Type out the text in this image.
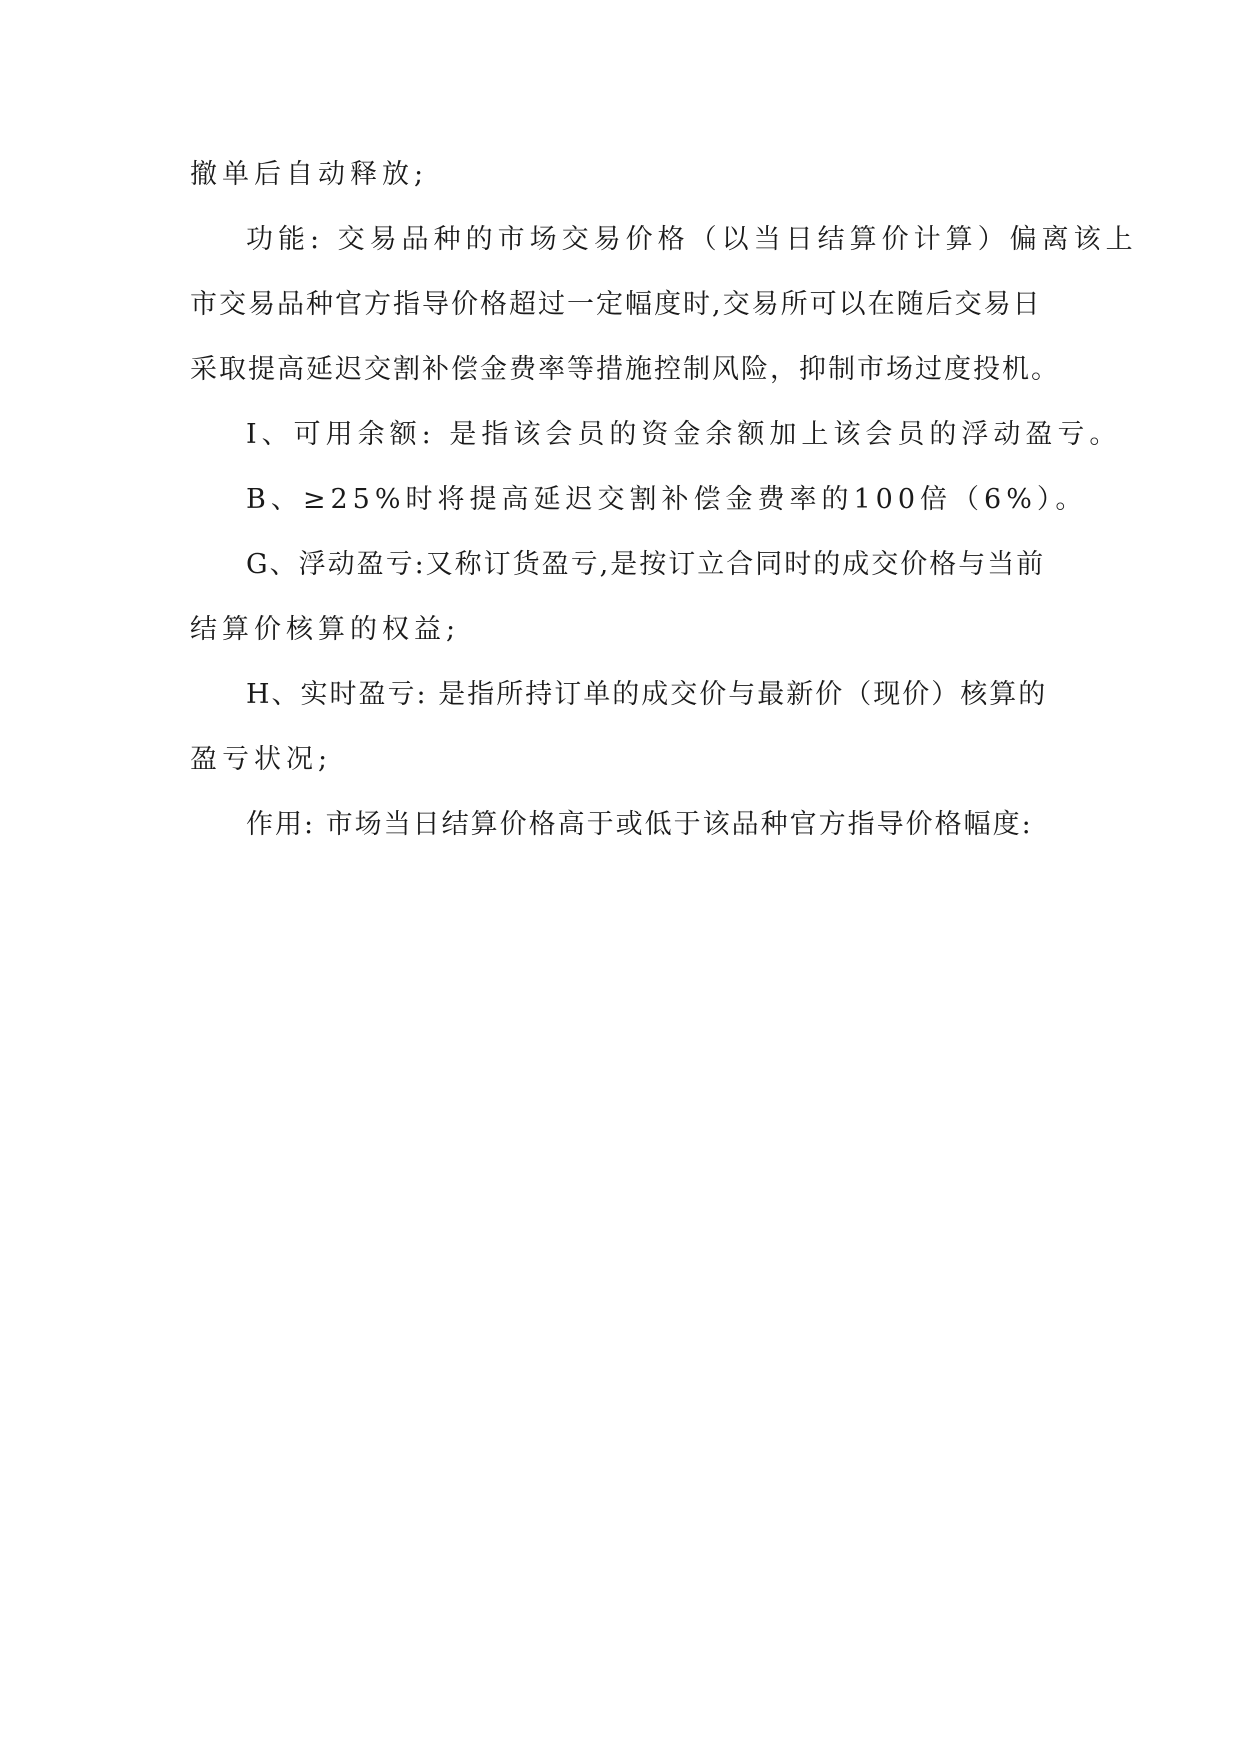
撤单后自动释放;
功能: 交易品种的市场交易价格（以当日结算价计算）偏离该上
市交易品种官方指导价格超过一定幅度时,交易所可以在随后交易日
采取提高延迟交割补偿金费率等措施控制风险，抑制市场过度投机。
I、可用余额: 是指该会员的资金余额加上该会员的浮动盈亏。
B、≥25%时将提高延迟交割补偿金费率的100倍（6%）。
G、浮动盈亏:又称订货盈亏,是按订立合同时的成交价格与当前
结算价核算的权益;
H、实时盈亏: 是指所持订单的成交价与最新价（现价）核算的
盈亏状况;
作用: 市场当日结算价格高于或低于该品种官方指导价格幅度:
